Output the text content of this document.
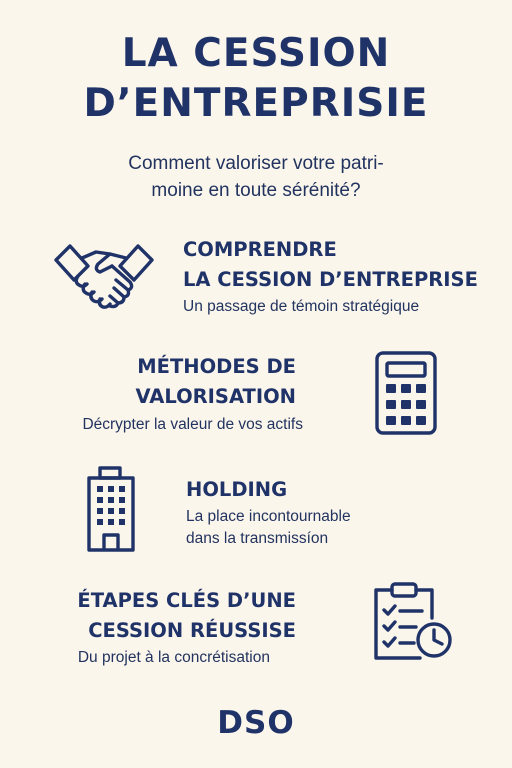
LA CESSION
D’ENTREPRISIE
Comment valoriser votre patri-
moine en toute sérénité?
COMPRENDRE
LA CESSION D’ENTREPRISE
Un passage de témoin stratégique
MÉTHODES DE
VALORISATION
Décrypter la valeur de vos actifs
HOLDING
La place incontournable
dans la transmissíon
ÉTAPES CLÉS D’UNE
CESSION RÉUSSISE
Du projet à la concrétisation
DSO
